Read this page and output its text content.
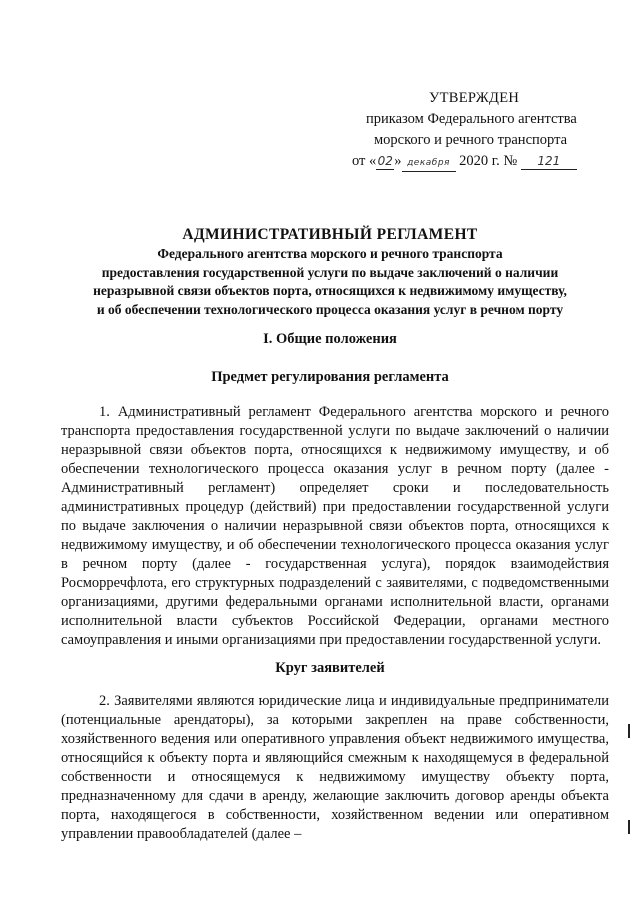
УТВЕРЖДЕН
приказом Федерального агентства
морского и речного транспорта
от «02» декабря 2020 г. № 121
АДМИНИСТРАТИВНЫЙ РЕГЛАМЕНТ
Федерального агентства морского и речного транспорта
предоставления государственной услуги по выдаче заключений о наличии
неразрывной связи объектов порта, относящихся к недвижимому имуществу,
и об обеспечении технологического процесса оказания услуг в речном порту
I. Общие положения
Предмет регулирования регламента
1. Административный регламент Федерального агентства морского и речного транспорта предоставления государственной услуги по выдаче заключений о наличии неразрывной связи объектов порта, относящихся к недвижимому имуществу, и об обеспечении технологического процесса оказания услуг в речном порту (далее - Административный регламент) определяет сроки и последовательность административных процедур (действий) при предоставлении государственной услуги по выдаче заключения о наличии неразрывной связи объектов порта, относящихся к недвижимому имуществу, и об обеспечении технологического процесса оказания услуг в речном порту (далее - государственная услуга), порядок взаимодействия Росморречфлота, его структурных подразделений с заявителями, с подведомственными организациями, другими федеральными органами исполнительной власти, органами исполнительной власти субъектов Российской Федерации, органами местного самоуправления и иными организациями при предоставлении государственной услуги.
Круг заявителей
2. Заявителями являются юридические лица и индивидуальные предприниматели (потенциальные арендаторы), за которыми закреплен на праве собственности, хозяйственного ведения или оперативного управления объект недвижимого имущества, относящийся к объекту порта и являющийся смежным к находящемуся в федеральной собственности и относящемуся к недвижимому имуществу объекту порта, предназначенному для сдачи в аренду, желающие заключить договор аренды объекта порта, находящегося в собственности, хозяйственном ведении или оперативном управлении правообладателей (далее –
